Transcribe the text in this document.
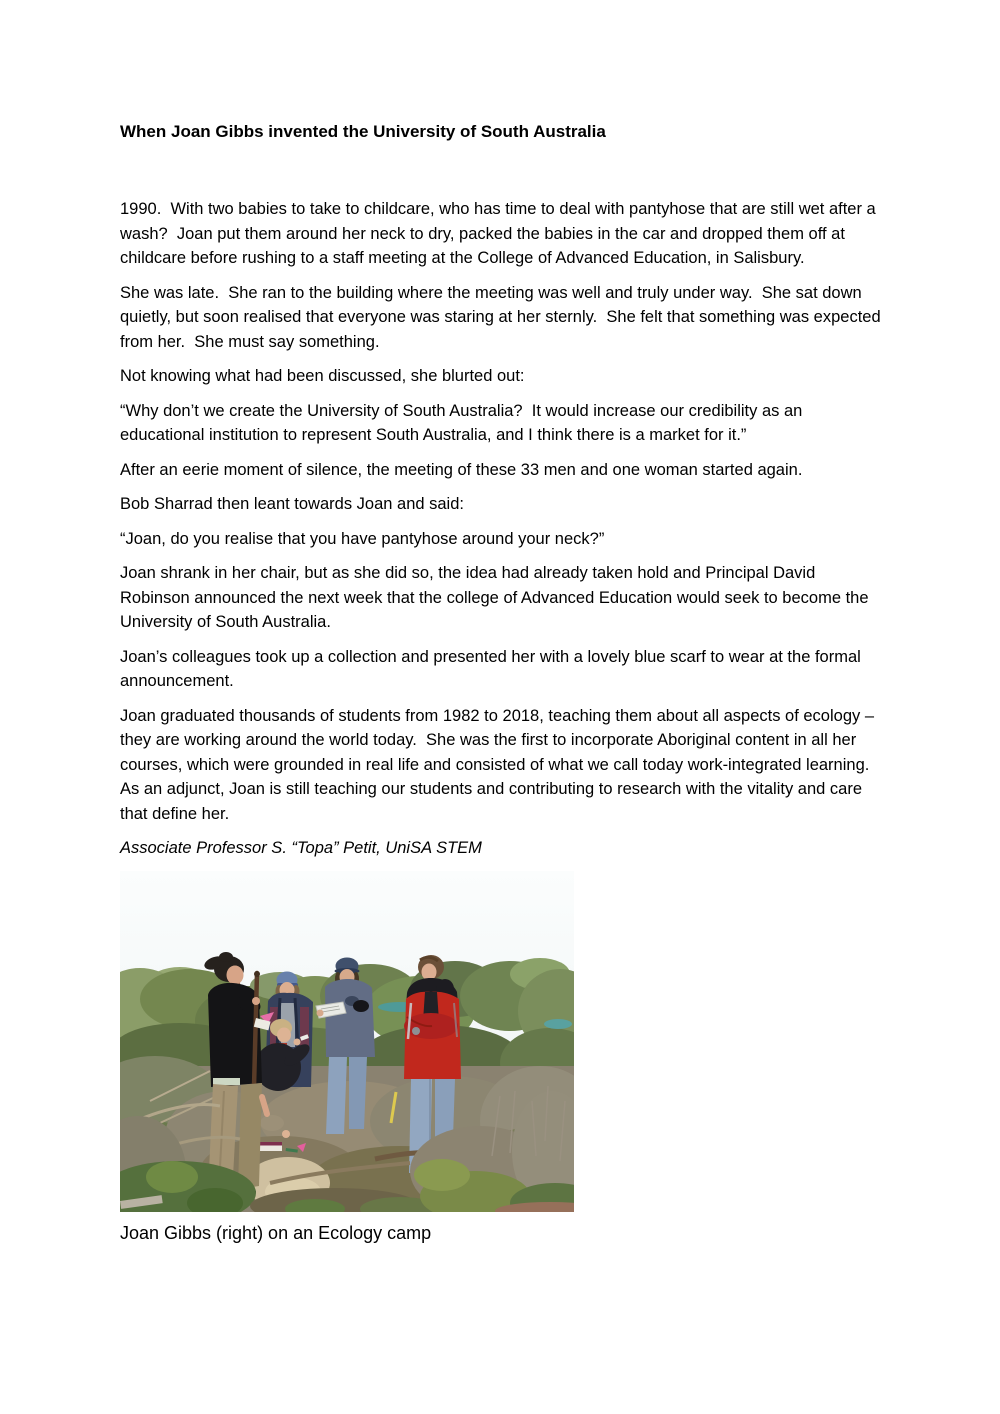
When Joan Gibbs invented the University of South Australia

1990.  With two babies to take to childcare, who has time to deal with pantyhose that are still wet after a wash?  Joan put them around her neck to dry, packed the babies in the car and dropped them off at childcare before rushing to a staff meeting at the College of Advanced Education, in Salisbury.

She was late.  She ran to the building where the meeting was well and truly under way.  She sat down quietly, but soon realised that everyone was staring at her sternly.  She felt that something was expected from her.  She must say something.

Not knowing what had been discussed, she blurted out:

“Why don’t we create the University of South Australia?  It would increase our credibility as an educational institution to represent South Australia, and I think there is a market for it.”

After an eerie moment of silence, the meeting of these 33 men and one woman started again.

Bob Sharrad then leant towards Joan and said:

“Joan, do you realise that you have pantyhose around your neck?”

Joan shrank in her chair, but as she did so, the idea had already taken hold and Principal David Robinson announced the next week that the college of Advanced Education would seek to become the University of South Australia.

Joan’s colleagues took up a collection and presented her with a lovely blue scarf to wear at the formal announcement.

Joan graduated thousands of students from 1982 to 2018, teaching them about all aspects of ecology – they are working around the world today.  She was the first to incorporate Aboriginal content in all her courses, which were grounded in real life and consisted of what we call today work-integrated learning.  As an adjunct, Joan is still teaching our students and contributing to research with the vitality and care that define her.

Associate Professor S. “Topa” Petit, UniSA STEM

Joan Gibbs (right) on an Ecology camp
